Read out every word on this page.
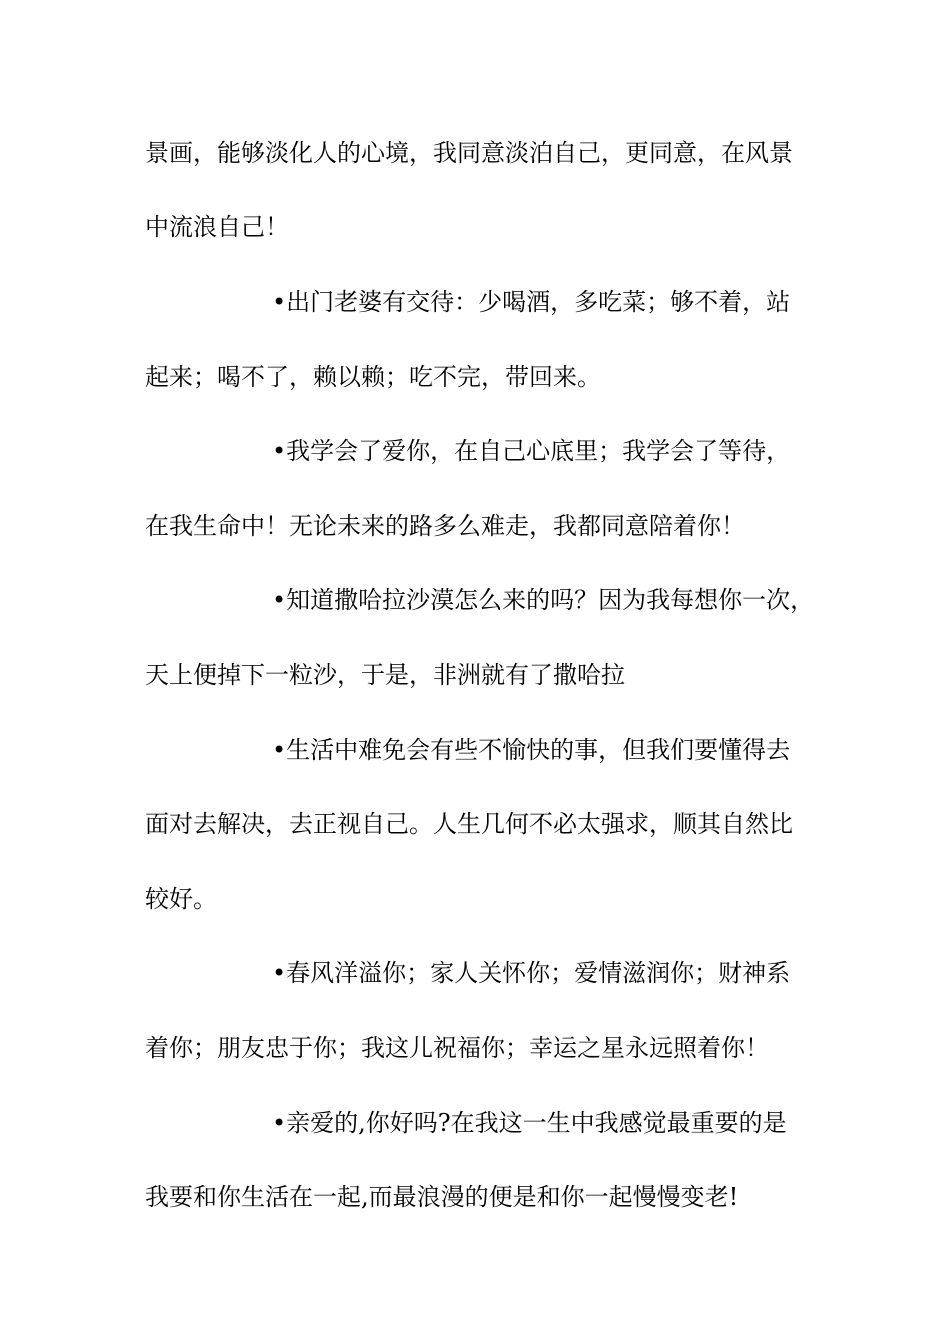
景画，能够淡化人的心境，我同意淡泊自己，更同意，在风景
中流浪自己！
•出门老婆有交待：少喝酒，多吃菜；够不着，站
起来；喝不了，赖以赖；吃不完，带回来。
•我学会了爱你，在自己心底里；我学会了等待，
在我生命中！无论未来的路多么难走，我都同意陪着你！
•知道撒哈拉沙漠怎么来的吗？因为我每想你一次，
天上便掉下一粒沙，于是，非洲就有了撒哈拉
•生活中难免会有些不愉快的事，但我们要懂得去
面对去解决，去正视自己。人生几何不必太强求，顺其自然比
较好。
•春风洋溢你；家人关怀你；爱情滋润你；财神系
着你；朋友忠于你；我这儿祝福你；幸运之星永远照着你！
•亲爱的,你好吗?在我这一生中我感觉最重要的是
我要和你生活在一起,而最浪漫的便是和你一起慢慢变老!
